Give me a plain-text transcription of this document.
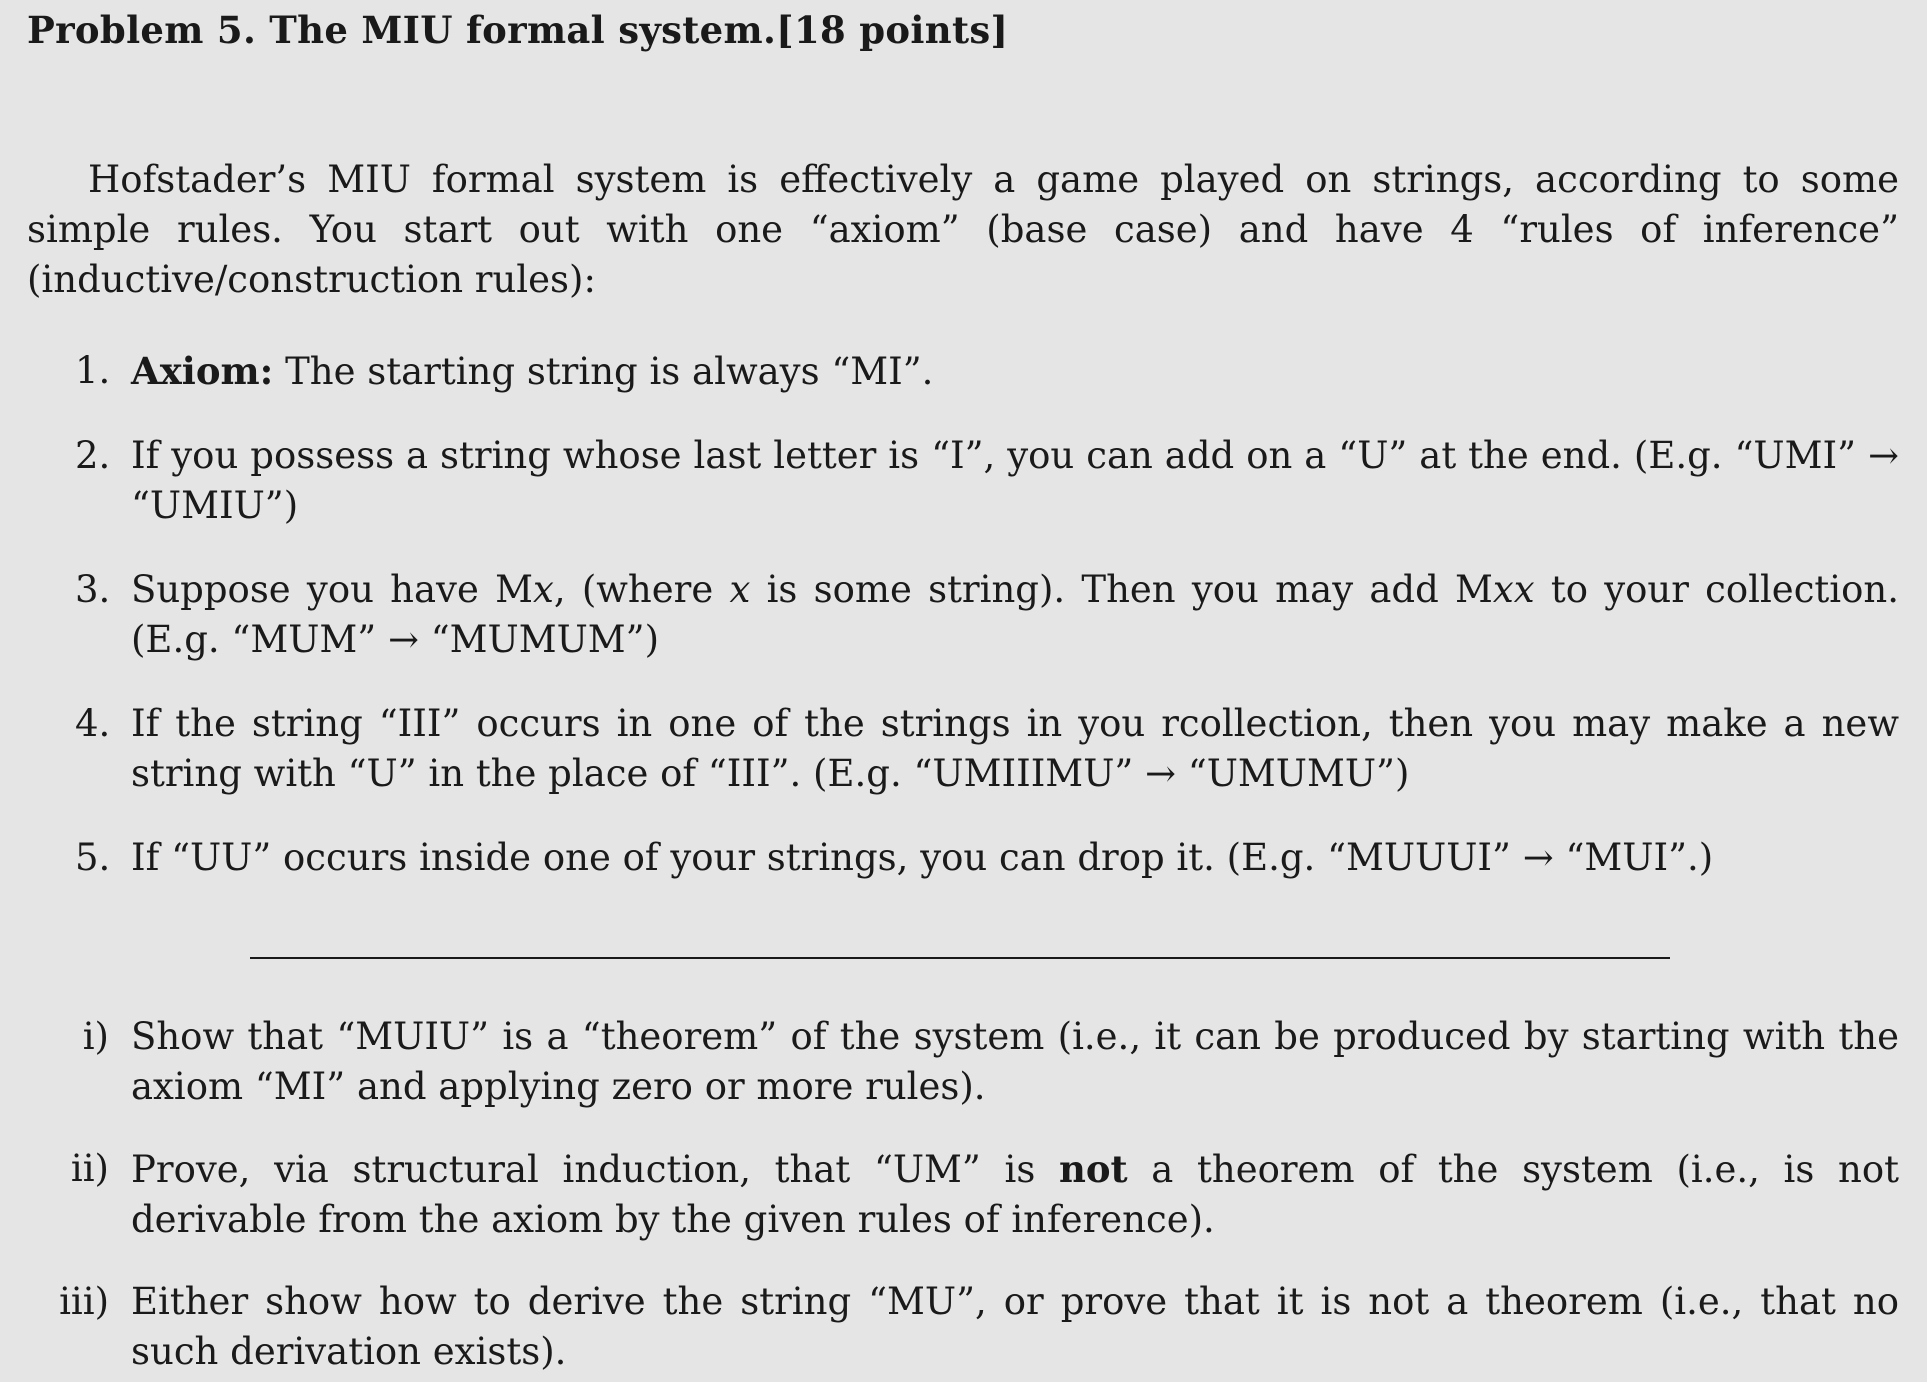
Problem 5. The MIU formal system.[18 points]

Hofstader’s MIU formal system is effectively a game played on strings, according to some simple rules. You start out with one “axiom” (base case) and have 4 “rules of inference” (inductive/construction rules):

1. Axiom: The starting string is always “MI”.
2. If you possess a string whose last letter is “I”, you can add on a “U” at the end. (E.g. “UMI” → “UMIU”)
3. Suppose you have Mx, (where x is some string). Then you may add Mxx to your collection. (E.g. “MUM” → “MUMUM”)
4. If the string “III” occurs in one of the strings in you rcollection, then you may make a new string with “U” in the place of “III”. (E.g. “UMIIIMU” → “UMUMU”)
5. If “UU” occurs inside one of your strings, you can drop it. (E.g. “MUUUI” → “MUI”.)
i) Show that “MUIU” is a “theorem” of the system (i.e., it can be produced by starting with the axiom “MI” and applying zero or more rules).
ii) Prove, via structural induction, that “UM” is not a theorem of the system (i.e., is not derivable from the axiom by the given rules of inference).
iii) Either show how to derive the string “MU”, or prove that it is not a theorem (i.e., that no such derivation exists).
